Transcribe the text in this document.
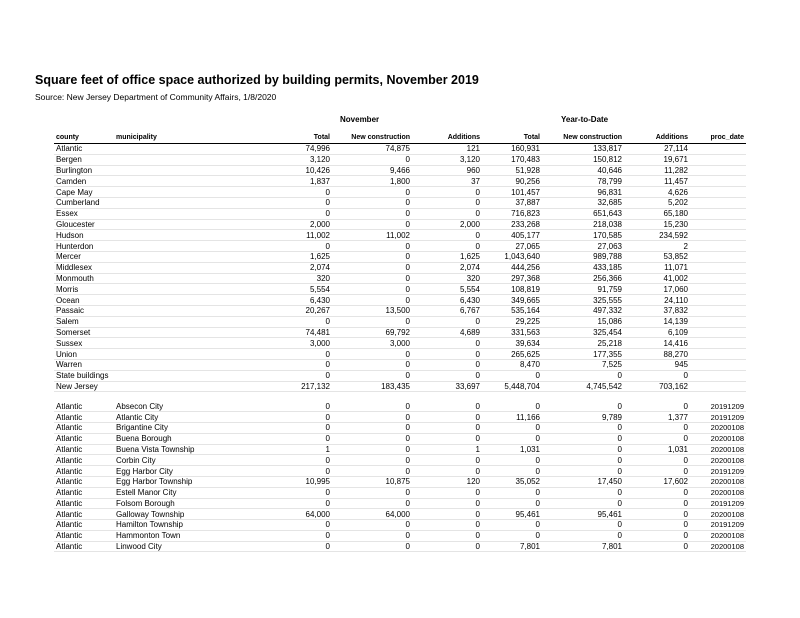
Square feet of office space authorized by building permits, November 2019
Source: New Jersey Department of Community Affairs, 1/8/2020
November	Year-to-Date
county	municipality	Total	New construction	Additions	Total	New construction	Additions	proc_date
Atlantic		74,996	74,875	121	160,931	133,817	27,114	
Bergen		3,120	0	3,120	170,483	150,812	19,671	
Burlington		10,426	9,466	960	51,928	40,646	11,282	
Camden		1,837	1,800	37	90,256	78,799	11,457	
Cape May		0	0	0	101,457	96,831	4,626	
Cumberland		0	0	0	37,887	32,685	5,202	
Essex		0	0	0	716,823	651,643	65,180	
Gloucester		2,000	0	2,000	233,268	218,038	15,230	
Hudson		11,002	11,002	0	405,177	170,585	234,592	
Hunterdon		0	0	0	27,065	27,063	2	
Mercer		1,625	0	1,625	1,043,640	989,788	53,852	
Middlesex		2,074	0	2,074	444,256	433,185	11,071	
Monmouth		320	0	320	297,368	256,366	41,002	
Morris		5,554	0	5,554	108,819	91,759	17,060	
Ocean		6,430	0	6,430	349,665	325,555	24,110	
Passaic		20,267	13,500	6,767	535,164	497,332	37,832	
Salem		0	0	0	29,225	15,086	14,139	
Somerset		74,481	69,792	4,689	331,563	325,454	6,109	
Sussex		3,000	3,000	0	39,634	25,218	14,416	
Union		0	0	0	265,625	177,355	88,270	
Warren		0	0	0	8,470	7,525	945	
State buildings		0	0	0	0	0	0	
New Jersey		217,132	183,435	33,697	5,448,704	4,745,542	703,162	

Atlantic	Absecon City	0	0	0	0	0	0	20191209
Atlantic	Atlantic City	0	0	0	11,166	9,789	1,377	20191209
Atlantic	Brigantine City	0	0	0	0	0	0	20200108
Atlantic	Buena Borough	0	0	0	0	0	0	20200108
Atlantic	Buena Vista Township	1	0	1	1,031	0	1,031	20200108
Atlantic	Corbin City	0	0	0	0	0	0	20200108
Atlantic	Egg Harbor City	0	0	0	0	0	0	20191209
Atlantic	Egg Harbor Township	10,995	10,875	120	35,052	17,450	17,602	20200108
Atlantic	Estell Manor City	0	0	0	0	0	0	20200108
Atlantic	Folsom Borough	0	0	0	0	0	0	20191209
Atlantic	Galloway Township	64,000	64,000	0	95,461	95,461	0	20200108
Atlantic	Hamilton Township	0	0	0	0	0	0	20191209
Atlantic	Hammonton Town	0	0	0	0	0	0	20200108
Atlantic	Linwood City	0	0	0	7,801	7,801	0	20200108
